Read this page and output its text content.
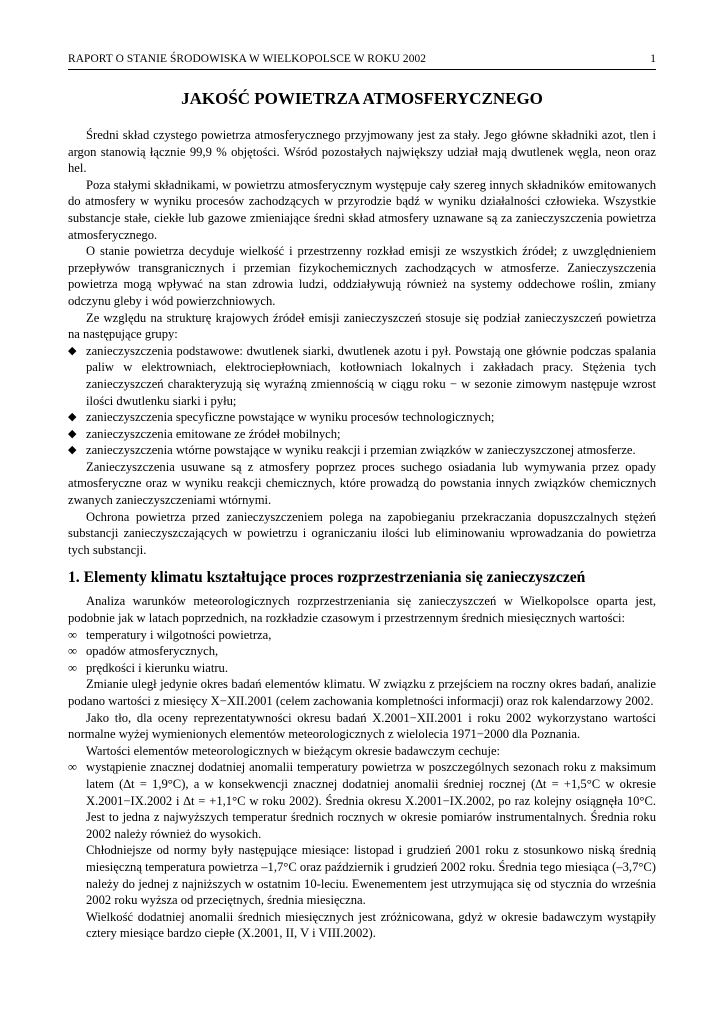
RAPORT O STANIE ŚRODOWISKA W WIELKOPOLSCE W ROKU 2002	1
JAKOŚĆ POWIETRZA ATMOSFERYCZNEGO

Średni skład czystego powietrza atmosferycznego przyjmowany jest za stały. Jego główne składniki azot, tlen i argon stanowią łącznie 99,9 % objętości. Wśród pozostałych największy udział mają dwutlenek węgla, neon oraz hel.

Poza stałymi składnikami, w powietrzu atmosferycznym występuje cały szereg innych składników emitowanych do atmosfery w wyniku procesów zachodzących w przyrodzie bądź w wyniku działalności człowieka. Wszystkie substancje stałe, ciekłe lub gazowe zmieniające średni skład atmosfery uznawane są za zanieczyszczenia powietrza atmosferycznego.

O stanie powietrza decyduje wielkość i przestrzenny rozkład emisji ze wszystkich źródeł; z uwzględnieniem przepływów transgranicznych i przemian fizykochemicznych zachodzących w atmosferze. Zanieczyszczenia powietrza mogą wpływać na stan zdrowia ludzi, oddziaływują również na systemy oddechowe roślin, zmiany odczynu gleby i wód powierzchniowych.

Ze względu na strukturę krajowych źródeł emisji zanieczyszczeń stosuje się podział zanieczyszczeń powietrza na następujące grupy:

◆ zanieczyszczenia podstawowe: dwutlenek siarki, dwutlenek azotu i pył. Powstają one głównie podczas spalania paliw w elektrowniach, elektrociepłowniach, kotłowniach lokalnych i zakładach pracy. Stężenia tych zanieczyszczeń charakteryzują się wyraźną zmiennością w ciągu roku − w sezonie zimowym następuje wzrost ilości dwutlenku siarki i pyłu;
◆ zanieczyszczenia specyficzne powstające w wyniku procesów technologicznych;
◆ zanieczyszczenia emitowane ze źródeł mobilnych;
◆ zanieczyszczenia wtórne powstające w wyniku reakcji i przemian związków w zanieczyszczonej atmosferze.

Zanieczyszczenia usuwane są z atmosfery poprzez proces suchego osiadania lub wymywania przez opady atmosferyczne oraz w wyniku reakcji chemicznych, które prowadzą do powstania innych związków chemicznych zwanych zanieczyszczeniami wtórnymi.

Ochrona powietrza przed zanieczyszczeniem polega na zapobieganiu przekraczania dopuszczalnych stężeń substancji zanieczyszczających w powietrzu i ograniczaniu ilości lub eliminowaniu wprowadzania do powietrza tych substancji.

1. Elementy klimatu kształtujące proces rozprzestrzeniania się zanieczyszczeń

Analiza warunków meteorologicznych rozprzestrzeniania się zanieczyszczeń w Wielkopolsce oparta jest, podobnie jak w latach poprzednich, na rozkładzie czasowym i przestrzennym średnich miesięcznych wartości:

∞ temperatury i wilgotności powietrza,
∞ opadów atmosferycznych,
∞ prędkości i kierunku wiatru.

Zmianie uległ jedynie okres badań elementów klimatu. W związku z przejściem na roczny okres badań, analizie podano wartości z miesięcy X−XII.2001 (celem zachowania kompletności informacji) oraz rok kalendarzowy 2002.

Jako tło, dla oceny reprezentatywności okresu badań X.2001−XII.2001 i roku 2002 wykorzystano wartości normalne wyżej wymienionych elementów meteorologicznych z wielolecia 1971−2000 dla Poznania.

Wartości elementów meteorologicznych w bieżącym okresie badawczym cechuje:

∞ wystąpienie znacznej dodatniej anomalii temperatury powietrza w poszczególnych sezonach roku z maksimum latem (∆t = 1,9°C), a w konsekwencji znacznej dodatniej anomalii średniej rocznej (∆t = +1,5°C w okresie X.2001−IX.2002 i ∆t = +1,1°C w roku 2002). Średnia okresu X.2001−IX.2002, po raz kolejny osiągnęła 10°C. Jest to jedna z najwyższych temperatur średnich rocznych w okresie pomiarów instrumentalnych. Średnia roku 2002 należy również do wysokich.
Chłodniejsze od normy były następujące miesiące: listopad i grudzień 2001 roku z stosunkowo niską średnią miesięczną temperatura powietrza –1,7°C oraz październik i grudzień 2002 roku. Średnia tego miesiąca (–3,7°C) należy do jednej z najniższych w ostatnim 10-leciu. Ewenementem jest utrzymująca się od stycznia do września 2002 roku wyższa od przeciętnych, średnia miesięczna.
Wielkość dodatniej anomalii średnich miesięcznych jest zróżnicowana, gdyż w okresie badawczym wystąpiły cztery miesiące bardzo ciepłe (X.2001, II, V i VIII.2002).
